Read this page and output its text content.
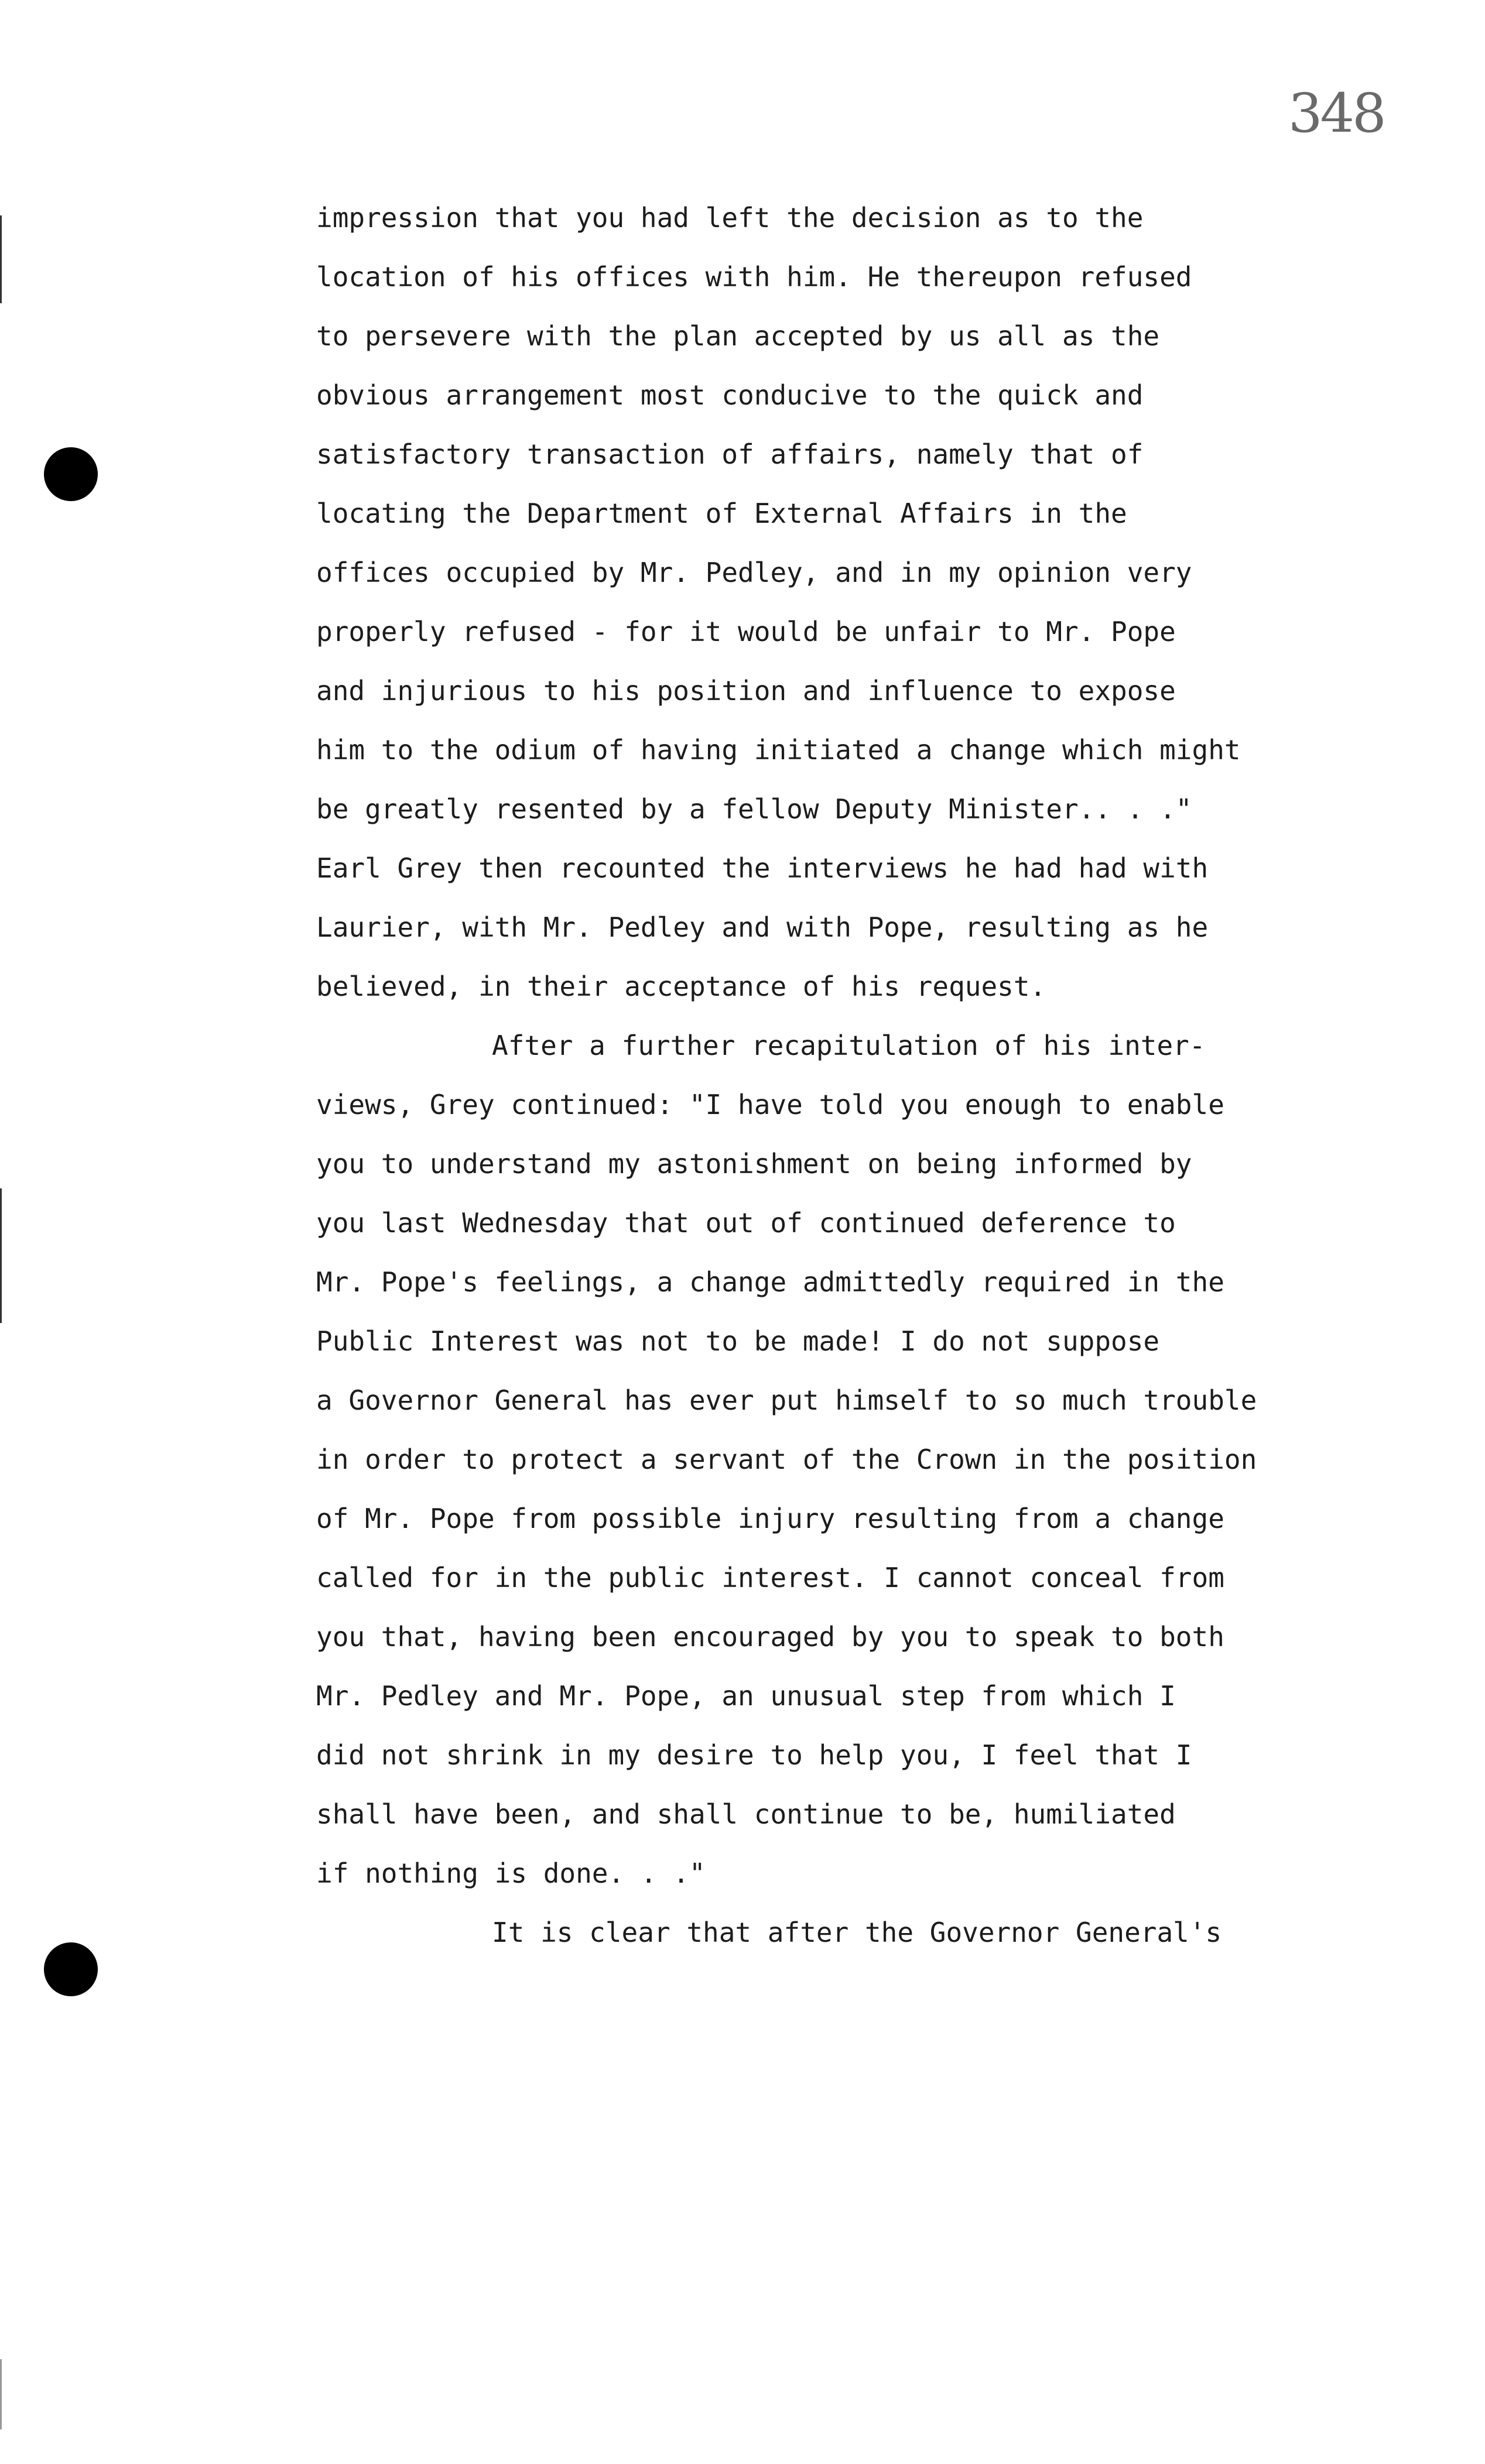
348
impression that you had left the decision as to the
location of his offices with him. He thereupon refused
to persevere with the plan accepted by us all as the
obvious arrangement most conducive to the quick and
satisfactory transaction of affairs, namely that of
locating the Department of External Affairs in the
offices occupied by Mr. Pedley, and in my opinion very
properly refused - for it would be unfair to Mr. Pope
and injurious to his position and influence to expose
him to the odium of having initiated a change which might
be greatly resented by a fellow Deputy Minister.. . ."
Earl Grey then recounted the interviews he had had with
Laurier, with Mr. Pedley and with Pope, resulting as he
believed, in their acceptance of his request.
After a further recapitulation of his inter-
views, Grey continued: "I have told you enough to enable
you to understand my astonishment on being informed by
you last Wednesday that out of continued deference to
Mr. Pope's feelings, a change admittedly required in the
Public Interest was not to be made! I do not suppose
a Governor General has ever put himself to so much trouble
in order to protect a servant of the Crown in the position
of Mr. Pope from possible injury resulting from a change
called for in the public interest. I cannot conceal from
you that, having been encouraged by you to speak to both
Mr. Pedley and Mr. Pope, an unusual step from which I
did not shrink in my desire to help you, I feel that I
shall have been, and shall continue to be, humiliated
if nothing is done. . ."
It is clear that after the Governor General's
